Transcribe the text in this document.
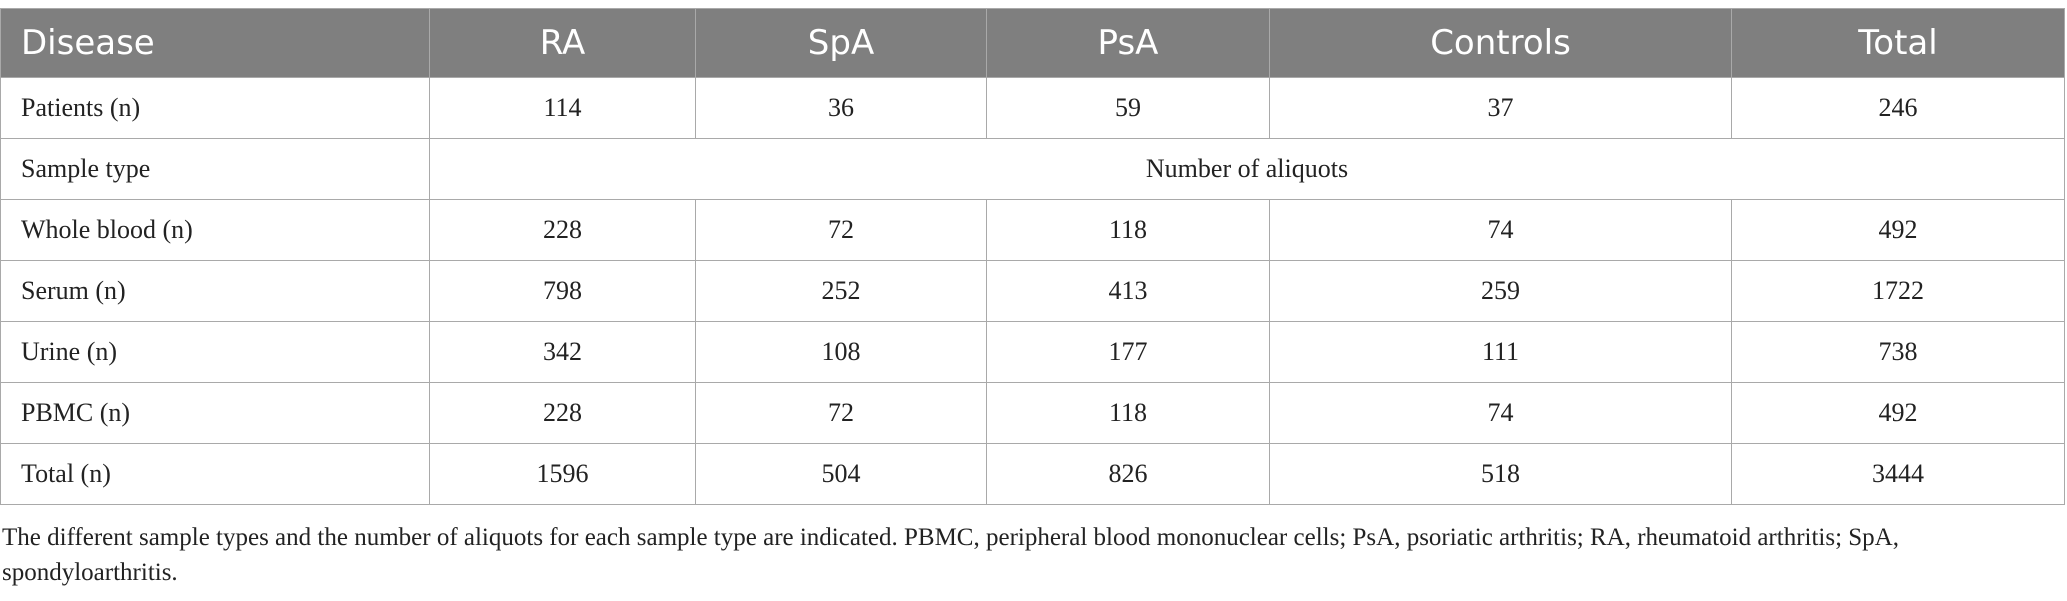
Disease	RA	SpA	PsA	Controls	Total
Patients (n)	114	36	59	37	246
Sample type	Number of aliquots				
Whole blood (n)	228	72	118	74	492
Serum (n)	798	252	413	259	1722
Urine (n)	342	108	177	111	738
PBMC (n)	228	72	118	74	492
Total (n)	1596	504	826	518	3444
The different sample types and the number of aliquots for each sample type are indicated. PBMC, peripheral blood mononuclear cells; PsA, psoriatic arthritis; RA, rheumatoid arthritis; SpA,
spondyloarthritis.
